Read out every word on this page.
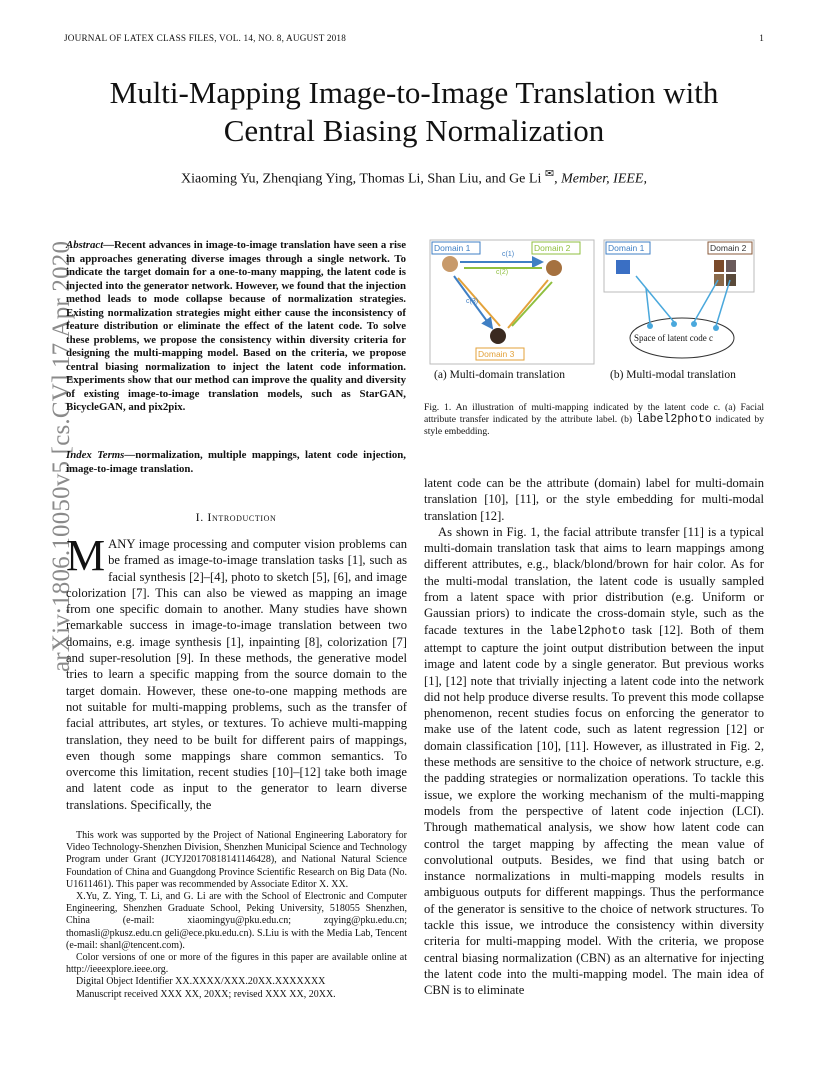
JOURNAL OF LATEX CLASS FILES, VOL. 14, NO. 8, AUGUST 2018	1
Multi-Mapping Image-to-Image Translation with
Central Biasing Normalization
Xiaoming Yu, Zhenqiang Ying, Thomas Li, Shan Liu, and Ge Li ✉, Member, IEEE,
arXiv:1806.10050v5 [cs.CV] 17 Apr 2020
Abstract—Recent advances in image-to-image translation have seen a rise in approaches generating diverse images through a single network. To indicate the target domain for a one-to-many mapping, the latent code is injected into the generator network. However, we found that the injection method leads to mode collapse because of normalization strategies. Existing normalization strategies might either cause the inconsistency of feature distribution or eliminate the effect of the latent code. To solve these problems, we propose the consistency within diversity criteria for designing the multi-mapping model. Based on the criteria, we propose central biasing normalization to inject the latent code information. Experiments show that our method can improve the quality and diversity of existing image-to-image translation models, such as StarGAN, BicycleGAN, and pix2pix.
Index Terms—normalization, multiple mappings, latent code injection, image-to-image translation.
I. Introduction
MANY image processing and computer vision problems can be framed as image-to-image translation tasks [1], such as facial synthesis [2]–[4], photo to sketch [5], [6], and image colorization [7]. This can also be viewed as mapping an image from one specific domain to another. Many studies have shown remarkable success in image-to-image translation between two domains, e.g. image synthesis [1], inpainting [8], colorization [7] and super-resolution [9]. In these methods, the generative model tries to learn a specific mapping from the source domain to the target domain. However, these one-to-one mapping methods are not suitable for multi-mapping problems, such as the transfer of facial attributes, art styles, or textures. To achieve multi-mapping translation, they need to be built for different pairs of mappings, even though some mappings share common semantics. To overcome this limitation, recent studies [10]–[12] take both image and latent code as input to the generator to learn diverse translations. Specifically, the

This work was supported by the Project of National Engineering Laboratory for Video Technology-Shenzhen Division, Shenzhen Municipal Science and Technology Program under Grant (JCYJ20170818141146428), and National Natural Science Foundation of China and Guangdong Province Scientific Research on Big Data (No. U1611461). This paper was recommended by Associate Editor X. XX.

X.Yu, Z. Ying, T. Li, and G. Li are with the School of Electronic and Computer Engineering, Shenzhen Graduate School, Peking University, 518055 Shenzhen, China (e-mail: xiaomingyu@pku.edu.cn; zqying@pku.edu.cn; thomasli@pkusz.edu.cn geli@ece.pku.edu.cn). S.Liu is with the Media Lab, Tencent (e-mail: shanl@tencent.com).

Color versions of one or more of the figures in this paper are available online at http://ieeexplore.ieee.org.

Digital Object Identifier XX.XXXX/XXX.20XX.XXXXXXX

Manuscript received XXX XX, 20XX; revised XXX XX, 20XX.

Domain 1	Domain 2
Domain 3
c(1)
c(2)
c(3)
Domain 1	Domain 2
Space of latent code c
(a) Multi-domain translation	(b) Multi-modal translation
Fig. 1. An illustration of multi-mapping indicated by the latent code c. (a) Facial attribute transfer indicated by the attribute label. (b) label2photo indicated by style embedding.

latent code can be the attribute (domain) label for multi-domain translation [10], [11], or the style embedding for multi-modal translation [12].

As shown in Fig. 1, the facial attribute transfer [11] is a typical multi-domain translation task that aims to learn mappings among different attributes, e.g., black/blond/brown for hair color. As for the multi-modal translation, the latent code is usually sampled from a latent space with prior distribution (e.g. Uniform or Gaussian priors) to indicate the cross-domain style, such as the facade textures in the label2photo task [12]. Both of them attempt to capture the joint output distribution between the input image and latent code by a single generator. But previous works [1], [12] note that trivially injecting a latent code into the network did not help produce diverse results. To prevent this mode collapse phenomenon, recent studies focus on enforcing the generator to make use of the latent code, such as latent regression [12] or domain classification [10], [11]. However, as illustrated in Fig. 2, these methods are sensitive to the choice of network structure, e.g. the padding strategies or normalization operations. To tackle this issue, we explore the working mechanism of the multi-mapping models from the perspective of latent code injection (LCI). Through mathematical analysis, we show how latent code can control the target mapping by affecting the mean value of convolutional outputs. Besides, we find that using batch or instance normalizations in multi-mapping models results in ambiguous outputs for different mappings. Thus the performance of the generator is sensitive to the choice of network structures. To tackle this issue, we introduce the consistency within diversity criteria for multi-mapping model. With the criteria, we propose central biasing normalization (CBN) as an alternative for injecting the latent code into the multi-mapping model. The main idea of CBN is to eliminate
